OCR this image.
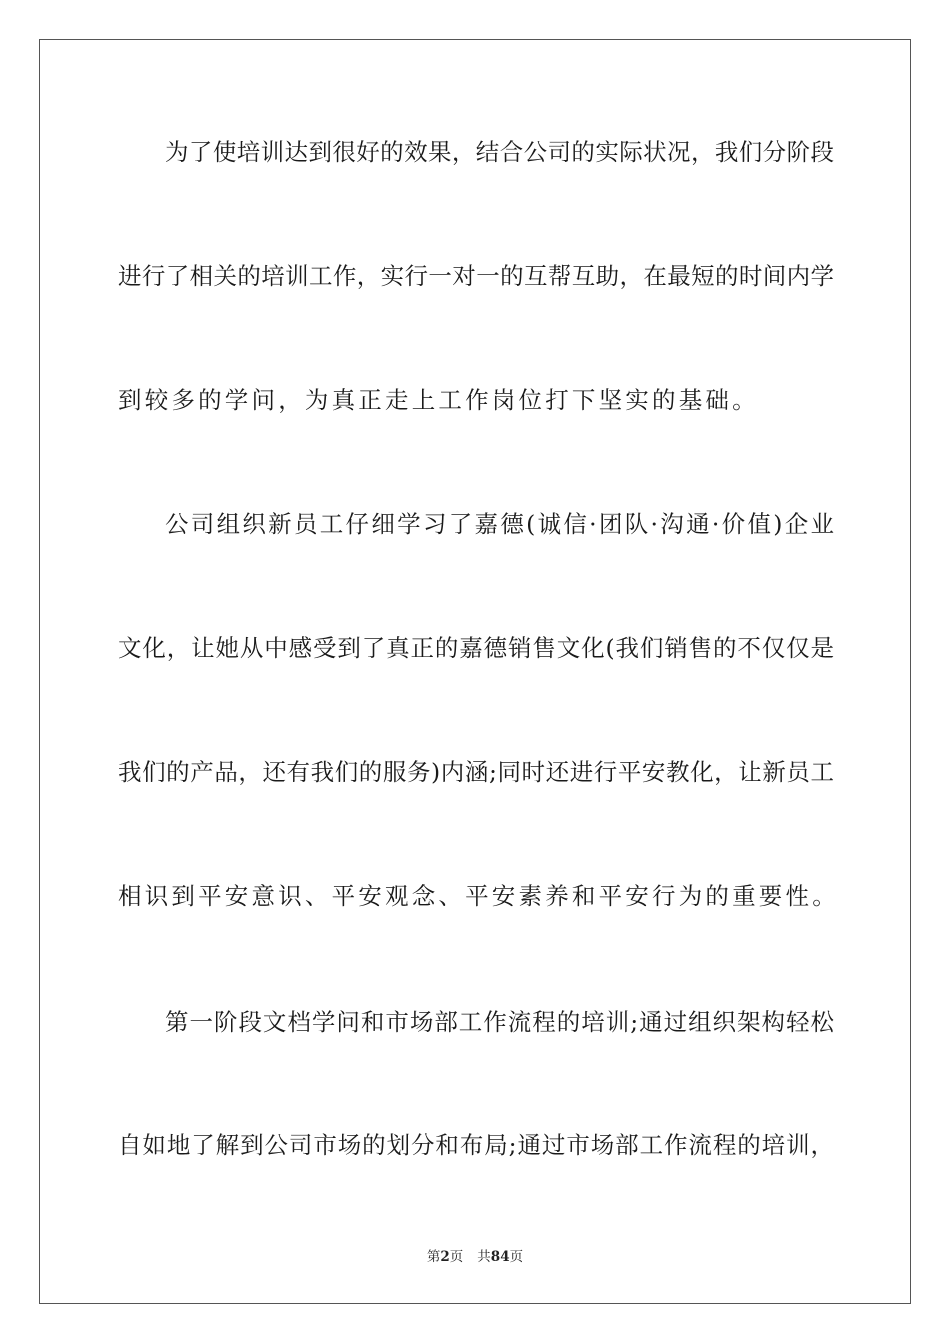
为了使培训达到很好的效果，结合公司的实际状况，我们分阶段
进行了相关的培训工作，实行一对一的互帮互助，在最短的时间内学
到较多的学问，为真正走上工作岗位打下坚实的基础。
公司组织新员工仔细学习了嘉德(诚信·团队·沟通·价值)企业
文化，让她从中感受到了真正的嘉德销售文化(我们销售的不仅仅是
我们的产品，还有我们的服务)内涵;同时还进行平安教化，让新员工
相识到平安意识、平安观念、平安素养和平安行为的重要性。
第一阶段文档学问和市场部工作流程的培训;通过组织架构轻松
自如地了解到公司市场的划分和布局;通过市场部工作流程的培训，
第2页 共84页
